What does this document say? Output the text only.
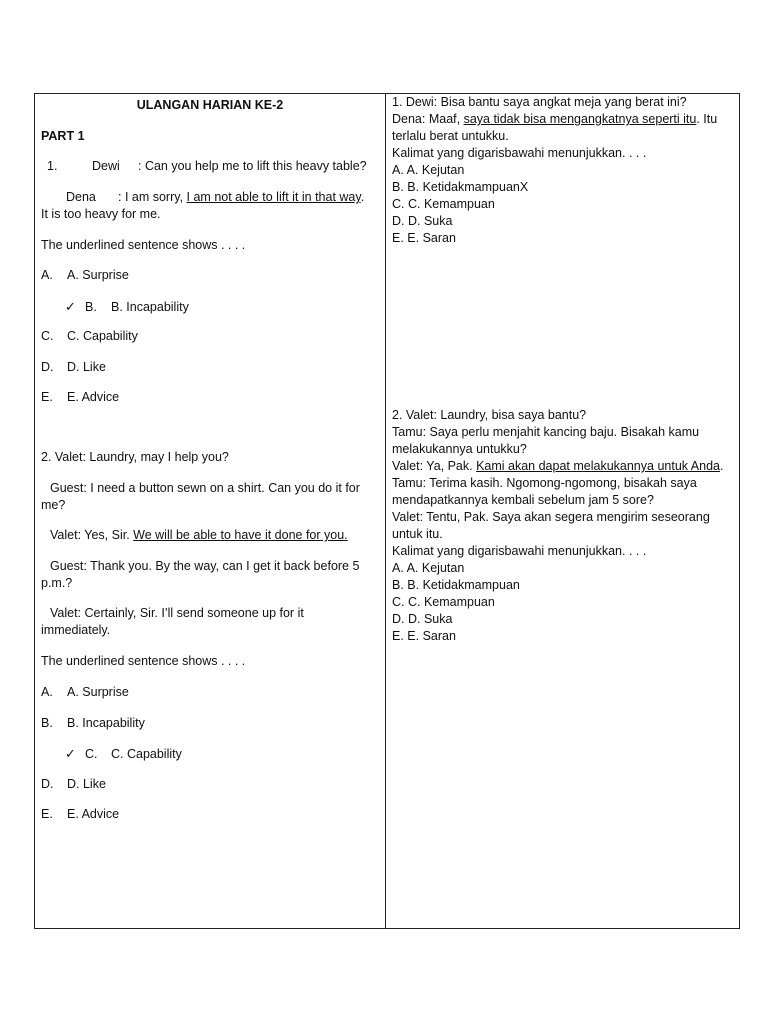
ULANGAN HARIAN KE-2

PART 1

1.	Dewi : Can you help me to lift this heavy table?

Dena : I am sorry, I am not able to lift it in that way.

It is too heavy for me.

The underlined sentence shows . . . .

A. A. Surprise

✓ B. B. Incapability

C. C. Capability

D. D. Like

E. E. Advice

2. Valet: Laundry, may I help you?

Guest: I need a button sewn on a shirt. Can you do it for

me?

Valet: Yes, Sir. We will be able to have it done for you.

Guest: Thank you. By the way, can I get it back before 5

p.m.?

Valet: Certainly, Sir. I’ll send someone up for it

immediately.

The underlined sentence shows . . . .

A. A. Surprise

B. B. Incapability

✓ C. C. Capability

D. D. Like

E. E. Advice

1. Dewi: Bisa bantu saya angkat meja yang berat ini?
Dena: Maaf, saya tidak bisa mengangkatnya seperti itu. Itu
terlalu berat untukku.
Kalimat yang digarisbawahi menunjukkan. . . .
A. A. Kejutan
B. B. KetidakmampuanX
C. C. Kemampuan
D. D. Suka
E. E. Saran
2. Valet: Laundry, bisa saya bantu?
Tamu: Saya perlu menjahit kancing baju. Bisakah kamu
melakukannya untukku?
Valet: Ya, Pak. Kami akan dapat melakukannya untuk Anda.
Tamu: Terima kasih. Ngomong-ngomong, bisakah saya
mendapatkannya kembali sebelum jam 5 sore?
Valet: Tentu, Pak. Saya akan segera mengirim seseorang
untuk itu.
Kalimat yang digarisbawahi menunjukkan. . . .
A. A. Kejutan
B. B. Ketidakmampuan
C. C. Kemampuan
D. D. Suka
E. E. Saran
